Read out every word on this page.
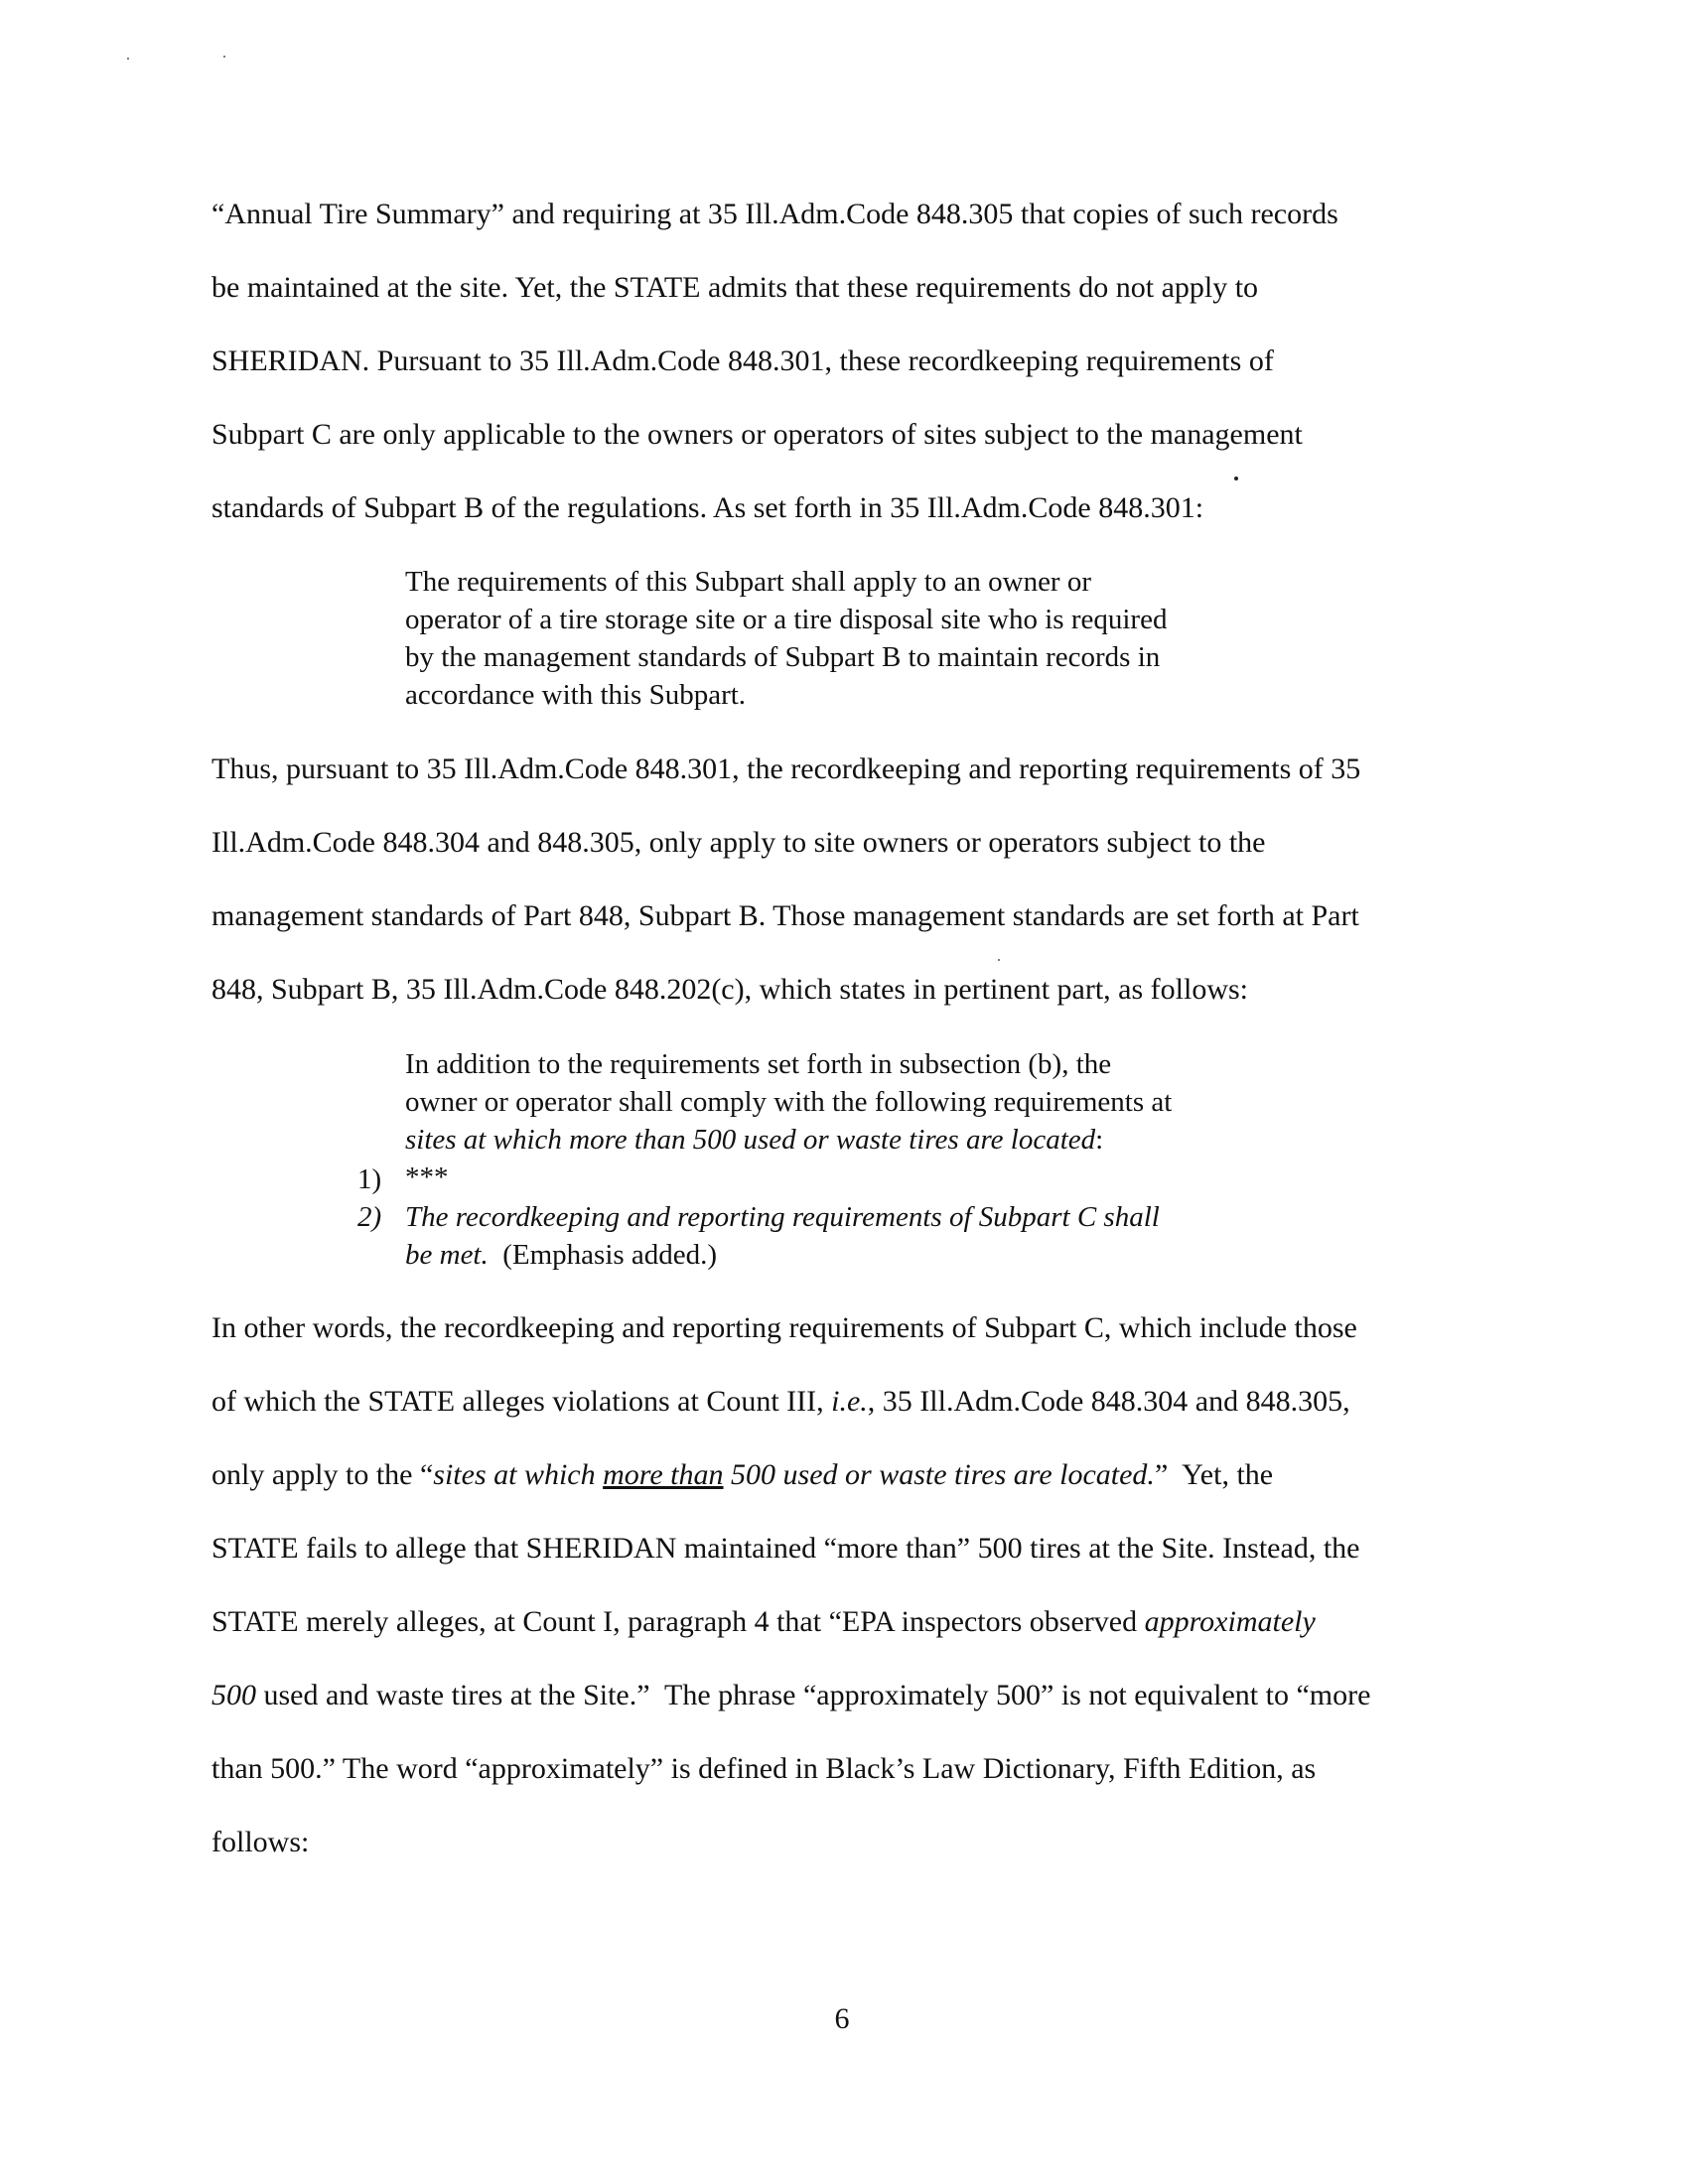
“Annual Tire Summary” and requiring at 35 Ill.Adm.Code 848.305 that copies of such records
be maintained at the site. Yet, the STATE admits that these requirements do not apply to
SHERIDAN. Pursuant to 35 Ill.Adm.Code 848.301, these recordkeeping requirements of
Subpart C are only applicable to the owners or operators of sites subject to the management
standards of Subpart B of the regulations. As set forth in 35 Ill.Adm.Code 848.301:
The requirements of this Subpart shall apply to an owner or
operator of a tire storage site or a tire disposal site who is required
by the management standards of Subpart B to maintain records in
accordance with this Subpart.
Thus, pursuant to 35 Ill.Adm.Code 848.301, the recordkeeping and reporting requirements of 35
Ill.Adm.Code 848.304 and 848.305, only apply to site owners or operators subject to the
management standards of Part 848, Subpart B. Those management standards are set forth at Part
848, Subpart B, 35 Ill.Adm.Code 848.202(c), which states in pertinent part, as follows:
In addition to the requirements set forth in subsection (b), the
owner or operator shall comply with the following requirements at
sites at which more than 500 used or waste tires are located:
1) ***
2) The recordkeeping and reporting requirements of Subpart C shall
be met.  (Emphasis added.)
In other words, the recordkeeping and reporting requirements of Subpart C, which include those
of which the STATE alleges violations at Count III, i.e., 35 Ill.Adm.Code 848.304 and 848.305,
only apply to the “sites at which more than 500 used or waste tires are located.”  Yet, the
STATE fails to allege that SHERIDAN maintained “more than” 500 tires at the Site. Instead, the
STATE merely alleges, at Count I, paragraph 4 that “EPA inspectors observed approximately
500 used and waste tires at the Site.”  The phrase “approximately 500” is not equivalent to “more
than 500.” The word “approximately” is defined in Black’s Law Dictionary, Fifth Edition, as
follows:
6
